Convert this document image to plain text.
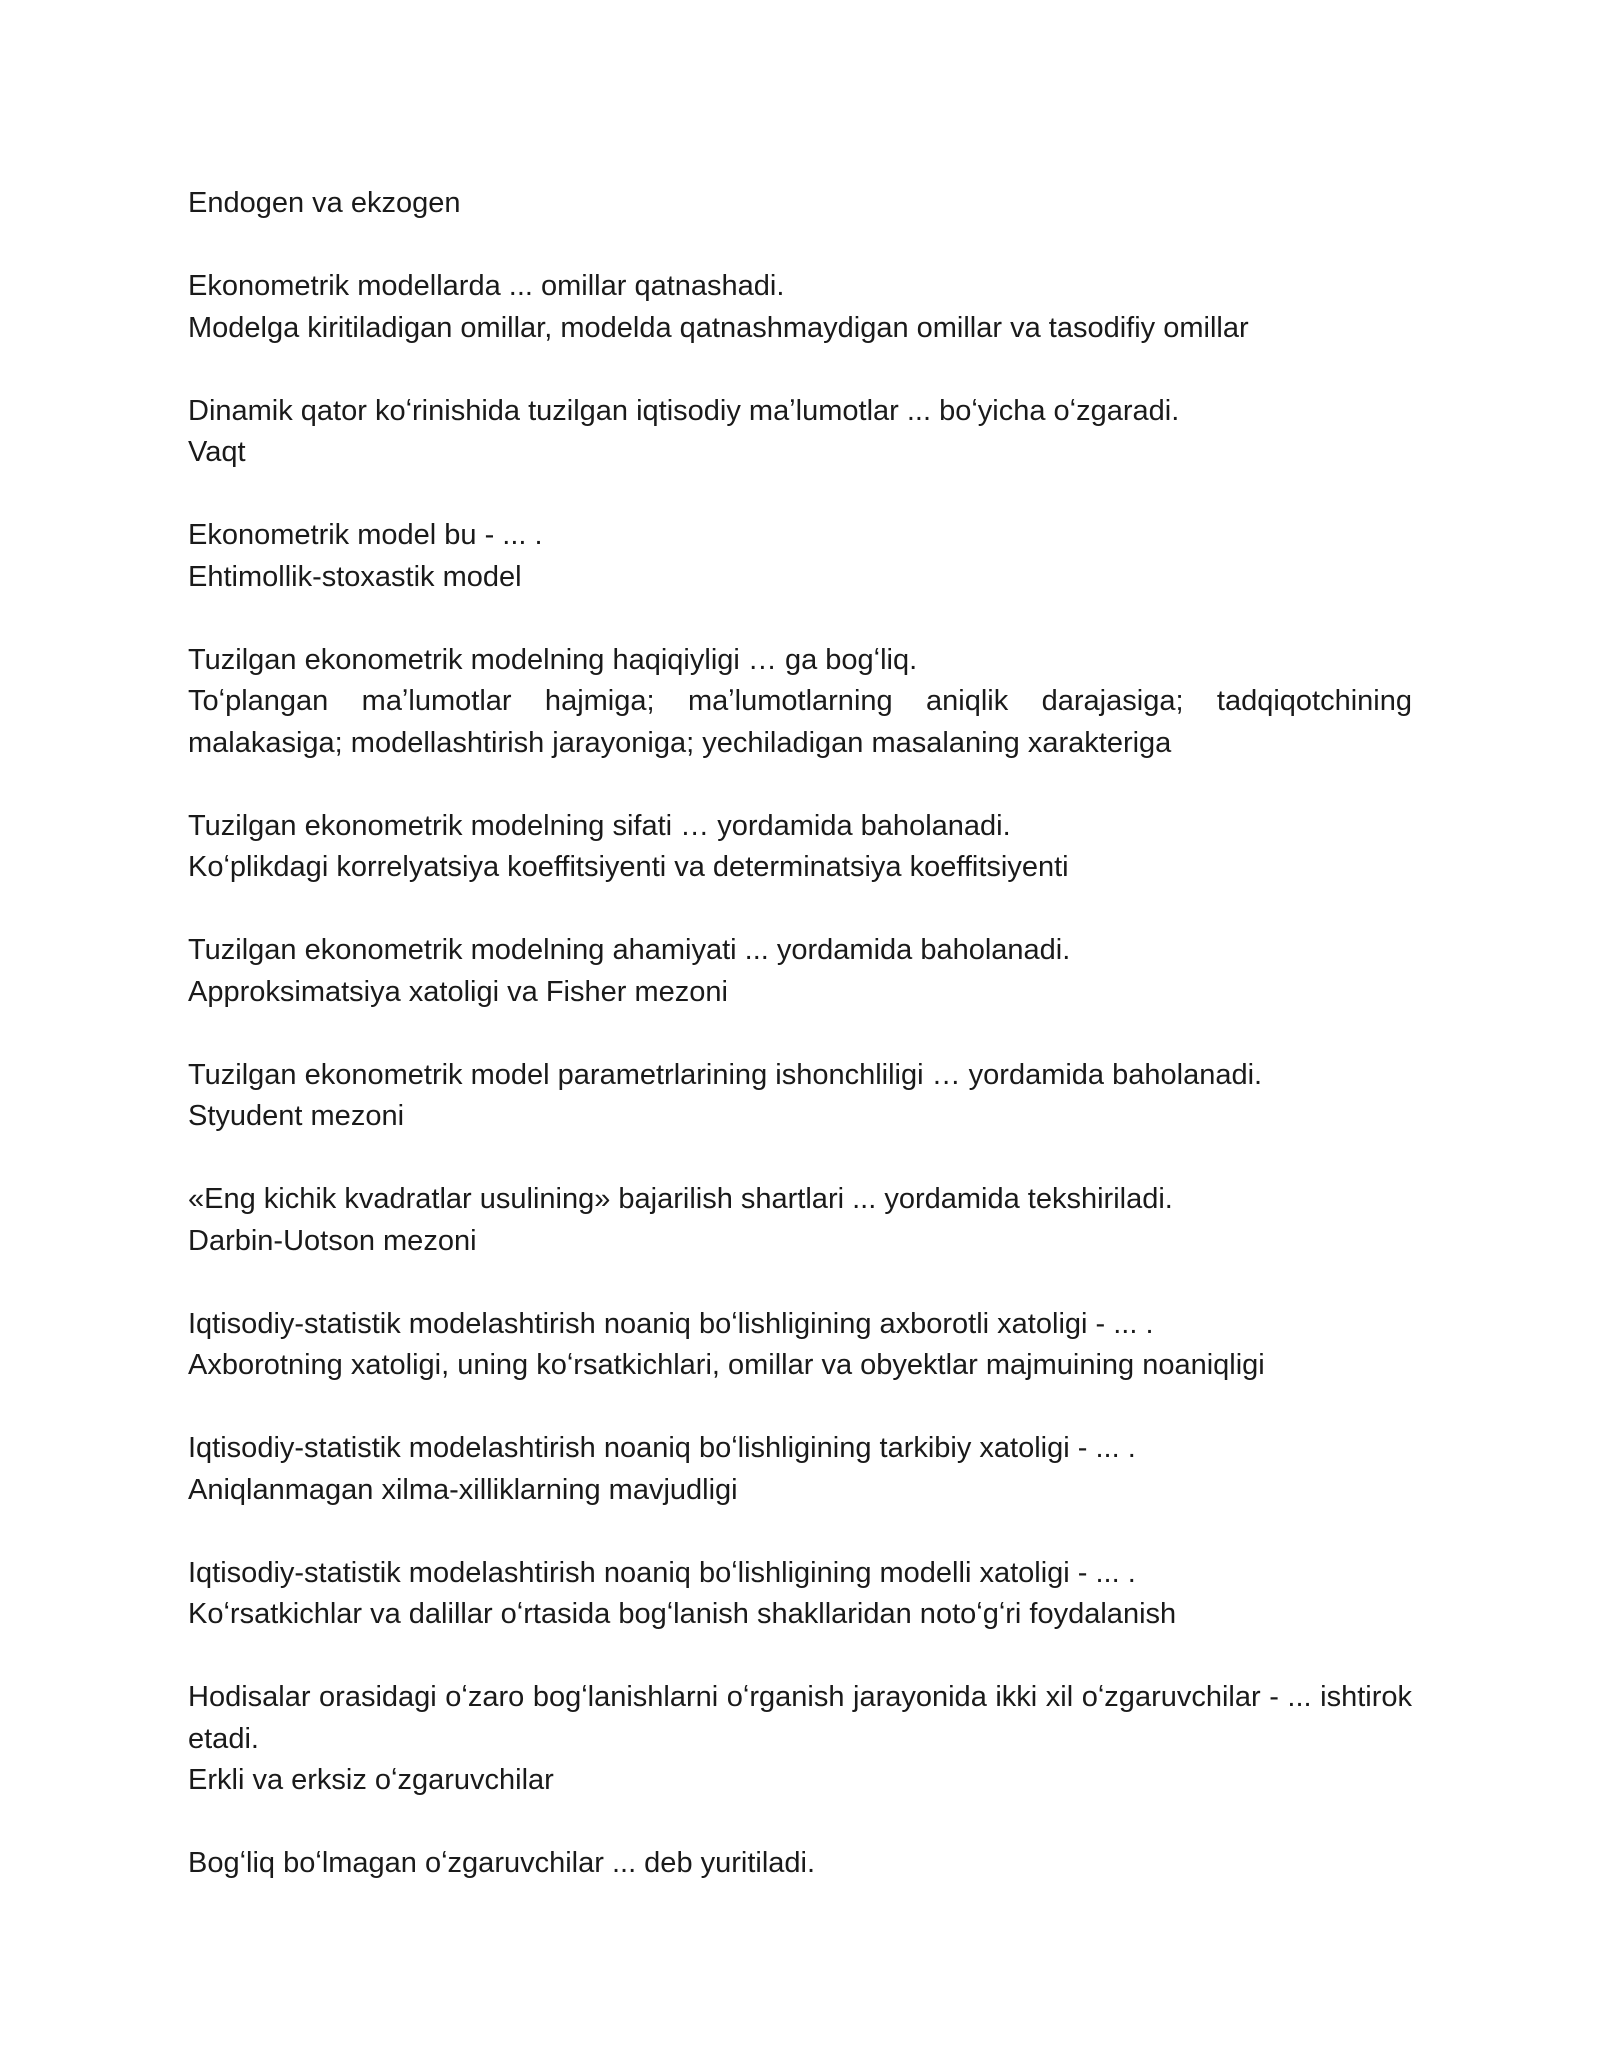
Endogen va ekzogen
Ekonometrik modellarda ... omillar qatnashadi.
Modelga kiritiladigan omillar, modelda qatnashmaydigan omillar va tasodifiy omillar
Dinamik qator koʻrinishida tuzilgan iqtisodiy maʼlumotlar ... boʻyicha oʻzgaradi.
Vaqt
Ekonometrik model bu - ... .
Ehtimollik-stoxastik model
Tuzilgan ekonometrik modelning haqiqiyligi … ga bogʻliq.
Toʻplangan maʼlumotlar hajmiga; maʼlumotlarning aniqlik darajasiga; tadqiqotchining malakasiga; modellashtirish jarayoniga; yechiladigan masalaning xarakteriga
Tuzilgan ekonometrik modelning sifati … yordamida baholanadi.
Koʻplikdagi korrelyatsiya koeffitsiyenti va determinatsiya koeffitsiyenti
Tuzilgan ekonometrik modelning ahamiyati ... yordamida baholanadi.
Approksimatsiya xatoligi va Fisher mezoni
Tuzilgan ekonometrik model parametrlarining ishonchliligi … yordamida baholanadi.
Styudent mezoni
«Eng kichik kvadratlar usulining» bajarilish shartlari ... yordamida tekshiriladi.
Darbin-Uotson mezoni
Iqtisodiy-statistik modelashtirish noaniq boʻlishligining axborotli xatoligi - ... .
Axborotning xatoligi, uning koʻrsatkichlari, omillar va obyektlar majmuining noaniqligi
Iqtisodiy-statistik modelashtirish noaniq boʻlishligining tarkibiy xatoligi - ... .
Aniqlanmagan xilma-xilliklarning mavjudligi
Iqtisodiy-statistik modelashtirish noaniq boʻlishligining modelli xatoligi - ... .
Koʻrsatkichlar va dalillar oʻrtasida bogʻlanish shakllaridan notoʻgʻri foydalanish
Hodisalar orasidagi oʻzaro bogʻlanishlarni oʻrganish jarayonida ikki xil oʻzgaruvchilar - ... ishtirok etadi.
Erkli va erksiz oʻzgaruvchilar
Bogʻliq boʻlmagan oʻzgaruvchilar ... deb yuritiladi.
